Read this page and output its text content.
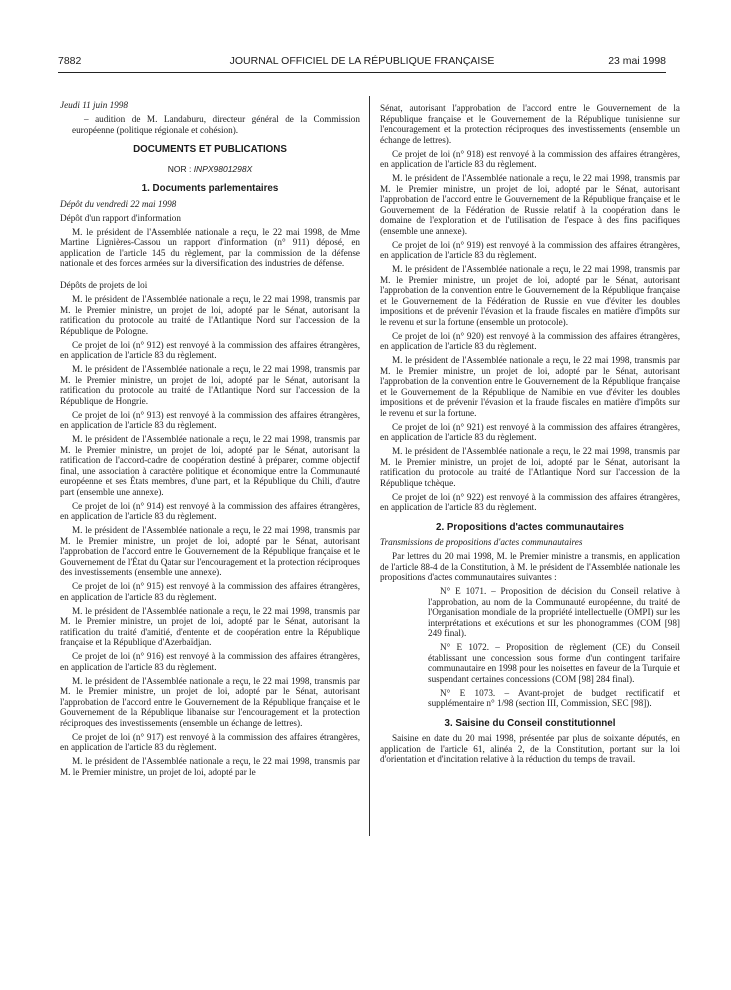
7882	JOURNAL OFFICIEL DE LA RÉPUBLIQUE FRANÇAISE	23 mai 1998

Jeudi 11 juin 1998

– audition de M. Landaburu, directeur général de la Commission européenne (politique régionale et cohésion).

DOCUMENTS ET PUBLICATIONS
NOR : INPX9801298X
1. Documents parlementaires

Dépôt du vendredi 22 mai 1998

Dépôt d'un rapport d'information

M. le président de l'Assemblée nationale a reçu, le 22 mai 1998, de Mme Martine Lignières-Cassou un rapport d'information (n° 911) déposé, en application de l'article 145 du règlement, par la commission de la défense nationale et des forces armées sur la diversification des industries de défense.

Dépôts de projets de loi

M. le président de l'Assemblée nationale a reçu, le 22 mai 1998, transmis par M. le Premier ministre, un projet de loi, adopté par le Sénat, autorisant la ratification du protocole au traité de l'Atlantique Nord sur l'accession de la République de Pologne.

Ce projet de loi (n° 912) est renvoyé à la commission des affaires étrangères, en application de l'article 83 du règlement.

M. le président de l'Assemblée nationale a reçu, le 22 mai 1998, transmis par M. le Premier ministre, un projet de loi, adopté par le Sénat, autorisant la ratification du protocole au traité de l'Atlantique Nord sur l'accession de la République de Hongrie.

Ce projet de loi (n° 913) est renvoyé à la commission des affaires étrangères, en application de l'article 83 du règlement.

M. le président de l'Assemblée nationale a reçu, le 22 mai 1998, transmis par M. le Premier ministre, un projet de loi, adopté par le Sénat, autorisant la ratification de l'accord-cadre de coopération destiné à préparer, comme objectif final, une association à caractère politique et économique entre la Communauté européenne et ses États membres, d'une part, et la République du Chili, d'autre part (ensemble une annexe).

Ce projet de loi (n° 914) est renvoyé à la commission des affaires étrangères, en application de l'article 83 du règlement.

M. le président de l'Assemblée nationale a reçu, le 22 mai 1998, transmis par M. le Premier ministre, un projet de loi, adopté par le Sénat, autorisant l'approbation de l'accord entre le Gouvernement de la République française et le Gouvernement de l'État du Qatar sur l'encouragement et la protection réciproques des investissements (ensemble une annexe).

Ce projet de loi (n° 915) est renvoyé à la commission des affaires étrangères, en application de l'article 83 du règlement.

M. le président de l'Assemblée nationale a reçu, le 22 mai 1998, transmis par M. le Premier ministre, un projet de loi, adopté par le Sénat, autorisant la ratification du traité d'amitié, d'entente et de coopération entre la République française et la République d'Azerbaïdjan.

Ce projet de loi (n° 916) est renvoyé à la commission des affaires étrangères, en application de l'article 83 du règlement.

M. le président de l'Assemblée nationale a reçu, le 22 mai 1998, transmis par M. le Premier ministre, un projet de loi, adopté par le Sénat, autorisant l'approbation de l'accord entre le Gouvernement de la République française et le Gouvernement de la République libanaise sur l'encouragement et la protection réciproques des investissements (ensemble un échange de lettres).

Ce projet de loi (n° 917) est renvoyé à la commission des affaires étrangères, en application de l'article 83 du règlement.

M. le président de l'Assemblée nationale a reçu, le 22 mai 1998, transmis par M. le Premier ministre, un projet de loi, adopté par le

Sénat, autorisant l'approbation de l'accord entre le Gouvernement de la République française et le Gouvernement de la République tunisienne sur l'encouragement et la protection réciproques des investissements (ensemble un échange de lettres).

Ce projet de loi (n° 918) est renvoyé à la commission des affaires étrangères, en application de l'article 83 du règlement.

M. le président de l'Assemblée nationale a reçu, le 22 mai 1998, transmis par M. le Premier ministre, un projet de loi, adopté par le Sénat, autorisant l'approbation de l'accord entre le Gouvernement de la République française et le Gouvernement de la Fédération de Russie relatif à la coopération dans le domaine de l'exploration et de l'utilisation de l'espace à des fins pacifiques (ensemble une annexe).

Ce projet de loi (n° 919) est renvoyé à la commission des affaires étrangères, en application de l'article 83 du règlement.

M. le président de l'Assemblée nationale a reçu, le 22 mai 1998, transmis par M. le Premier ministre, un projet de loi, adopté par le Sénat, autorisant l'approbation de la convention entre le Gouvernement de la République française et le Gouvernement de la Fédération de Russie en vue d'éviter les doubles impositions et de prévenir l'évasion et la fraude fiscales en matière d'impôts sur le revenu et sur la fortune (ensemble un protocole).

Ce projet de loi (n° 920) est renvoyé à la commission des affaires étrangères, en application de l'article 83 du règlement.

M. le président de l'Assemblée nationale a reçu, le 22 mai 1998, transmis par M. le Premier ministre, un projet de loi, adopté par le Sénat, autorisant l'approbation de la convention entre le Gouvernement de la République française et le Gouvernement de la République de Namibie en vue d'éviter les doubles impositions et de prévenir l'évasion et la fraude fiscales en matière d'impôts sur le revenu et sur la fortune.

Ce projet de loi (n° 921) est renvoyé à la commission des affaires étrangères, en application de l'article 83 du règlement.

M. le président de l'Assemblée nationale a reçu, le 22 mai 1998, transmis par M. le Premier ministre, un projet de loi, adopté par le Sénat, autorisant la ratification du protocole au traité de l'Atlantique Nord sur l'accession de la République tchèque.

Ce projet de loi (n° 922) est renvoyé à la commission des affaires étrangères, en application de l'article 83 du règlement.

2. Propositions d'actes communautaires

Transmissions de propositions d'actes communautaires

Par lettres du 20 mai 1998, M. le Premier ministre a transmis, en application de l'article 88-4 de la Constitution, à M. le président de l'Assemblée nationale les propositions d'actes communautaires suivantes :

N° E 1071. – Proposition de décision du Conseil relative à l'approbation, au nom de la Communauté européenne, du traité de l'Organisation mondiale de la propriété intellectuelle (OMPI) sur les interprétations et exécutions et sur les phonogrammes (COM [98] 249 final).

N° E 1072. – Proposition de règlement (CE) du Conseil établissant une concession sous forme d'un contingent tarifaire communautaire en 1998 pour les noisettes en faveur de la Turquie et suspendant certaines concessions (COM [98] 284 final).

N° E 1073. – Avant-projet de budget rectificatif et supplémentaire n° 1/98 (section III, Commission, SEC [98]).

3. Saisine du Conseil constitutionnel

Saisine en date du 20 mai 1998, présentée par plus de soixante députés, en application de l'article 61, alinéa 2, de la Constitution, portant sur la loi d'orientation et d'incitation relative à la réduction du temps de travail.
